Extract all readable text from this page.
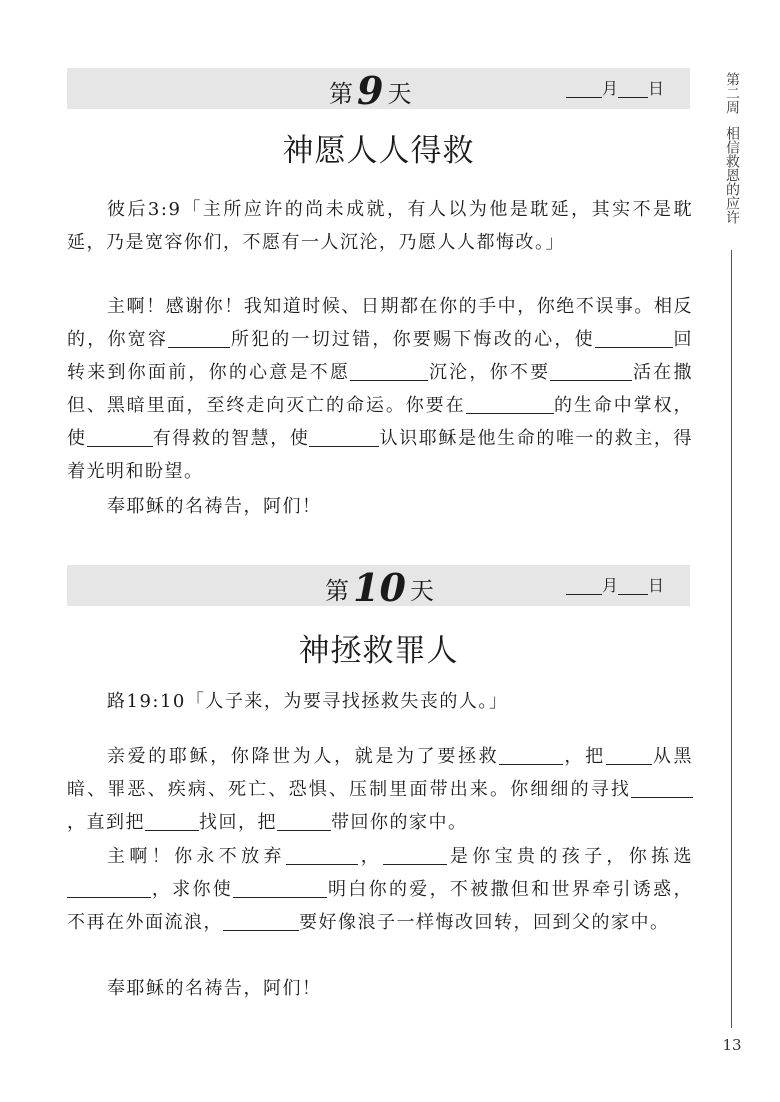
第二周
相信救恩的应许
13
第 9 天	月 日
神愿人人得救
彼后3:9「主所应许的尚未成就，有人以为他是耽延，其实不是耽延，乃是宽容你们，不愿有一人沉沦，乃愿人人都悔改。」
主啊！感谢你！我知道时候、日期都在你的手中，你绝不误事。相反的，你宽容	所犯的一切过错，你要赐下悔改的心，使	回转来到你面前，你的心意是不愿	沉沦，你不要	活在撒但、黑暗里面，至终走向灭亡的命运。你要在	的生命中掌权，使	有得救的智慧，使	认识耶稣是他生命的唯一的救主，得着光明和盼望。
奉耶稣的名祷告，阿们！
第 10 天	月 日
神拯救罪人
路19:10「人子来，为要寻找拯救失丧的人。」
亲爱的耶稣，你降世为人，就是为了要拯救	，把	从黑暗、罪恶、疾病、死亡、恐惧、压制里面带出来。你细细的寻找，直到把	找回，把	带回你的家中。
主啊！你永不放弃	，	是你宝贵的孩子，你拣选，求你使	明白你的爱，不被撒但和世界牵引诱惑，不再在外面流浪，	要好像浪子一样悔改回转，回到父的家中。
奉耶稣的名祷告，阿们！
